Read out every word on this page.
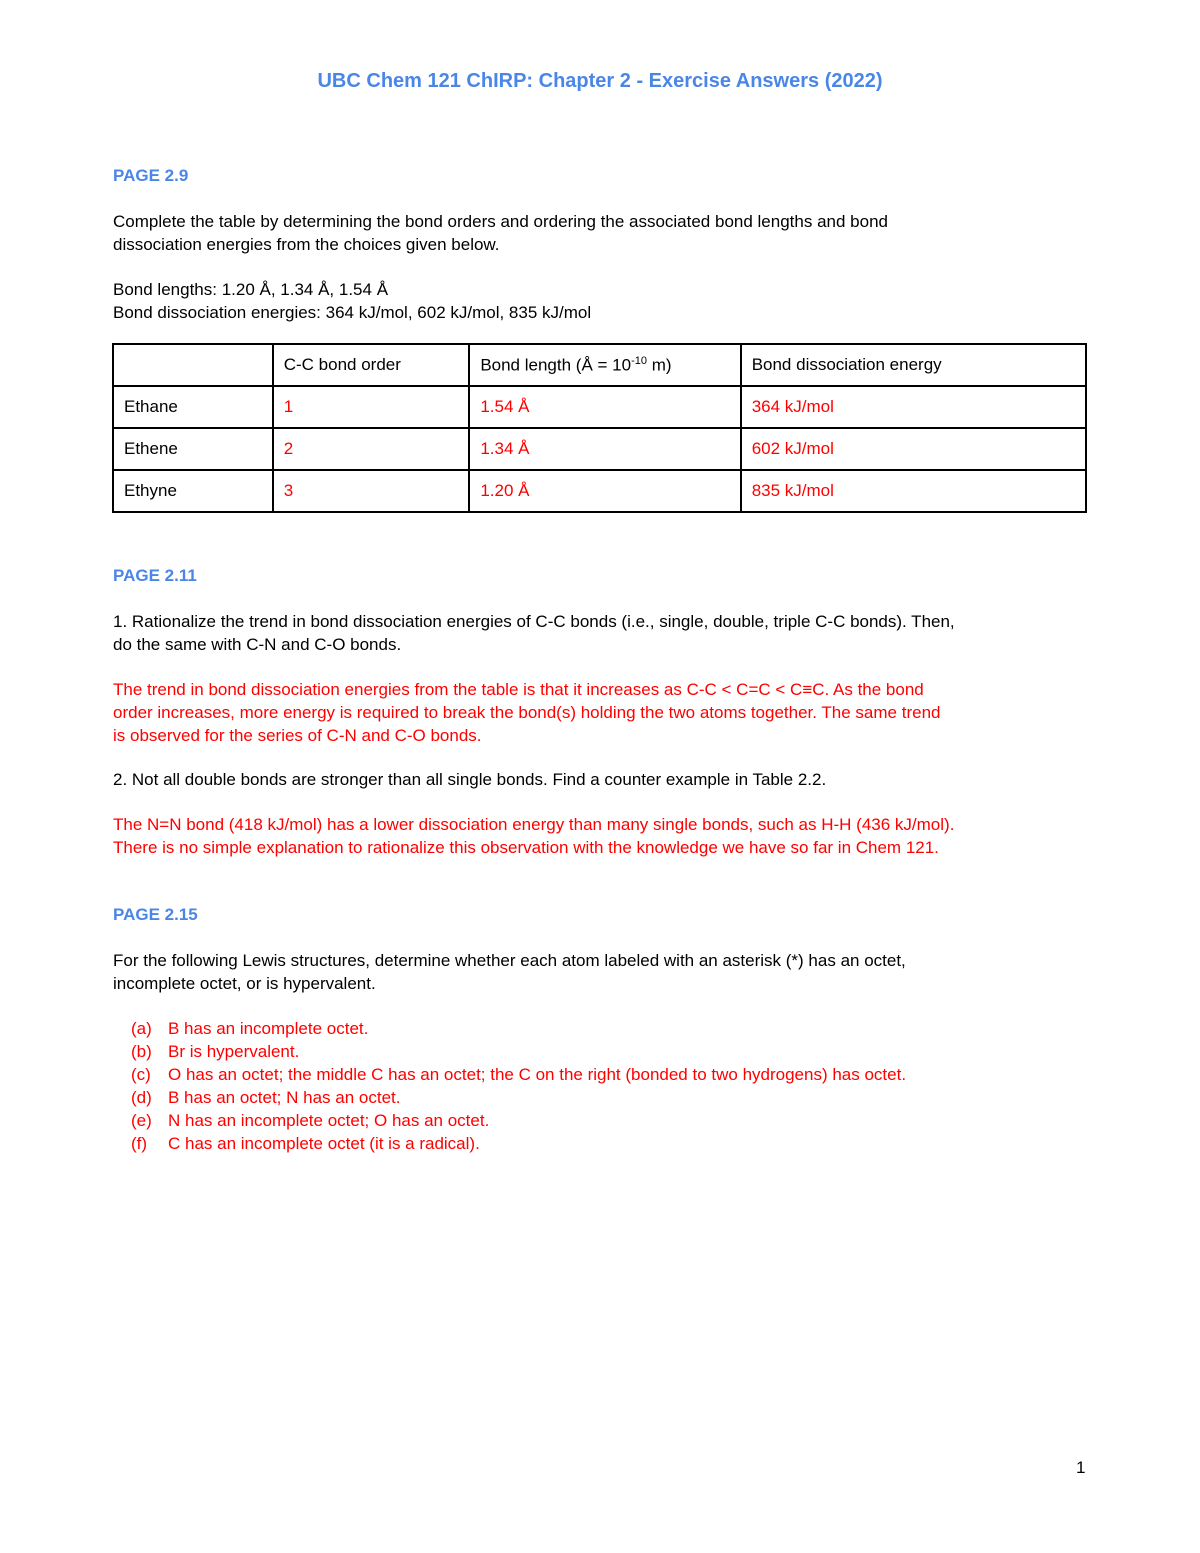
UBC Chem 121 ChIRP: Chapter 2 - Exercise Answers (2022)
PAGE 2.9
Complete the table by determining the bond orders and ordering the associated bond lengths and bond
dissociation energies from the choices given below.
Bond lengths: 1.20 Å, 1.34 Å, 1.54 Å
Bond dissociation energies: 364 kJ/mol, 602 kJ/mol, 835 kJ/mol
	C-C bond order	Bond length (Å = $10^{-10}$ m)	Bond dissociation energy
Ethane	1	1.54 Å	364 kJ/mol
Ethene	2	1.34 Å	602 kJ/mol
Ethyne	3	1.20 Å	835 kJ/mol
PAGE 2.11
1. Rationalize the trend in bond dissociation energies of C-C bonds (i.e., single, double, triple C-C bonds). Then,
do the same with C-N and C-O bonds.
The trend in bond dissociation energies from the table is that it increases as C-C < C=C < C≡C. As the bond
order increases, more energy is required to break the bond(s) holding the two atoms together. The same trend
is observed for the series of C-N and C-O bonds.
2. Not all double bonds are stronger than all single bonds. Find a counter example in Table 2.2.
The N=N bond (418 kJ/mol) has a lower dissociation energy than many single bonds, such as H-H (436 kJ/mol).
There is no simple explanation to rationalize this observation with the knowledge we have so far in Chem 121.
PAGE 2.15
For the following Lewis structures, determine whether each atom labeled with an asterisk (*) has an octet,
incomplete octet, or is hypervalent.
(a) B has an incomplete octet.
(b) Br is hypervalent.
(c)	O has an octet; the middle C has an octet; the C on the right (bonded to two hydrogens) has octet.
(d) B has an octet; N has an octet.
(e) N has an incomplete octet; O has an octet.
(f)	C has an incomplete octet (it is a radical).
1
